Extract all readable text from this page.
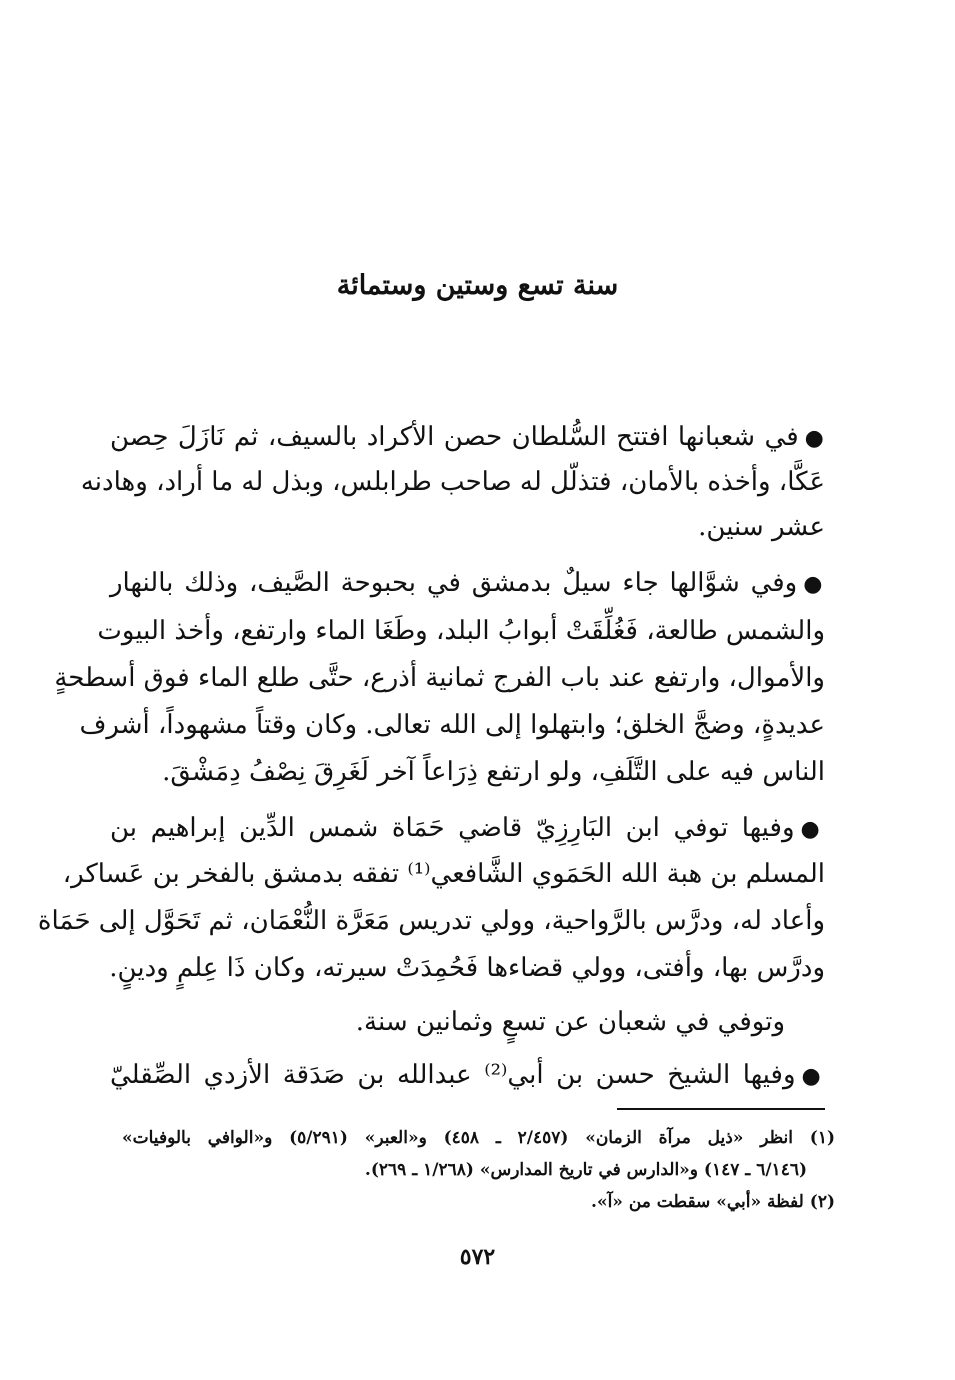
سنة تسع وستين وستمائة
●في شعبانها افتتح السُّلطان حصن الأكراد بالسيف، ثم نَازَلَ حِصن
عَكَّا، وأخذه بالأمان، فتذلّل له صاحب طرابلس، وبذل له ما أراد، وهادنه
عشر سنين.
●وفي شوَّالها جاء سيلٌ بدمشق في بحبوحة الصَّيف، وذلك بالنهار
والشمس طالعة، فَغُلِّقَتْ أبوابُ البلد، وطَغَا الماء وارتفع، وأخذ البيوت
والأموال، وارتفع عند باب الفرج ثمانية أذرع، حتَّى طلع الماء فوق أسطحةٍ
عديدةٍ، وضجَّ الخلق؛ وابتهلوا إلى الله تعالى. وكان وقتاً مشهوداً، أشرف
الناس فيه على التَّلَفِ، ولو ارتفع ذِرَاعاً آخر لَغَرِقَ نِصْفُ دِمَشْقَ.
●وفيها توفي ابن البَارِزِيّ قاضي حَمَاة شمس الدِّين إبراهيم بن
المسلم بن هبة الله الحَمَوي الشَّافعي⁽¹⁾ تفقه بدمشق بالفخر بن عَساكر،
وأعاد له، ودرَّس بالرَّواحية، وولي تدريس مَعَرَّة النُّعْمَان، ثم تَحَوَّل إلى حَمَاة
ودرَّس بها، وأفتى، وولي قضاءها فَحُمِدَتْ سيرته، وكان ذَا عِلمٍ ودينٍ.
وتوفي في شعبان عن تسعٍ وثمانين سنة.
●وفيها الشيخ حسن بن أبي⁽²⁾ عبدالله بن صَدَقة الأزدي الصِّقليّ
(١) انظر «ذيل مرآة الزمان» (٢/٤٥٧ ـ ٤٥٨) و«العبر» (٥/٢٩١) و«الوافي بالوفيات»
(٦/١٤٦ ـ ١٤٧) و«الدارس في تاريخ المدارس» (١/٢٦٨ ـ ٢٦٩).
(٢) لفظة «أبي» سقطت من «آ».
٥٧٢
